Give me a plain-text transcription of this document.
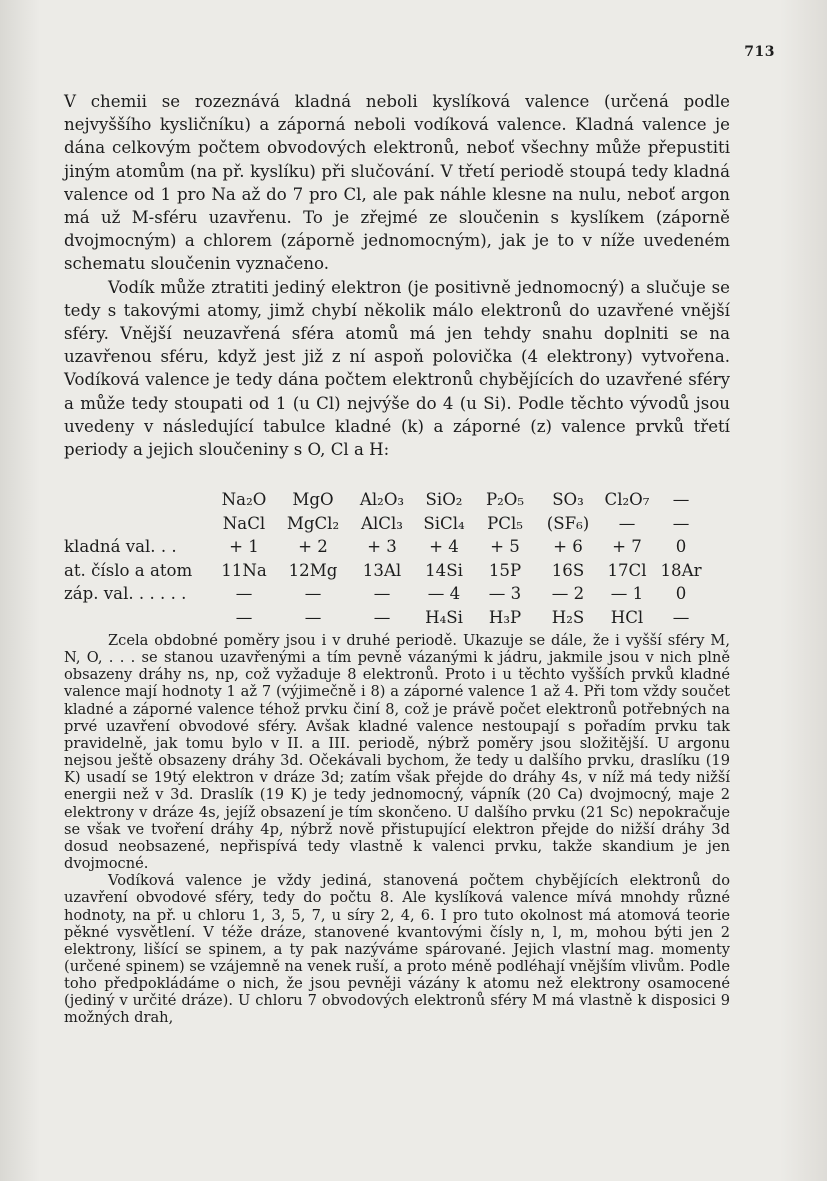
713

V chemii se rozeznává kladná neboli kyslíková valence (určená podle nejvyššího kysličníku) a záporná neboli vodíková valence. Kladná valence je dána celkovým počtem obvodových elektronů, neboť všechny může přepustiti jiným atomům (na př. kyslíku) při slučování. V třetí periodě stoupá tedy kladná valence od 1 pro Na až do 7 pro Cl, ale pak náhle klesne na nulu, neboť argon má už M-sféru uzavřenu. To je zřejmé ze sloučenin s kyslíkem (záporně dvojmocným) a chlorem (záporně jednomocným), jak je to v níže uvedeném schematu sloučenin vyznačeno.

Vodík může ztratiti jediný elektron (je positivně jednomocný) a slučuje se tedy s takovými atomy, jimž chybí několik málo elektronů do uzavřené vnější sféry. Vnější neuzavřená sféra atomů má jen tehdy snahu doplniti se na uzavřenou sféru, když jest již z ní aspoň polovička (4 elektrony) vytvořena. Vodíková valence je tedy dána počtem elektronů chybějících do uzavřené sféry a může tedy stoupati od 1 (u Cl) nejvýše do 4 (u Si). Podle těchto vývodů jsou uvedeny v následující tabulce kladné (k) a záporné (z) valence prvků třetí periody a jejich sloučeniny s O, Cl a H:

	Na₂O	MgO	Al₂O₃	SiO₂	P₂O₅	SO₃	Cl₂O₇	—
	NaCl	MgCl₂	AlCl₃	SiCl₄	PCl₅	(SF₆)	—	—
kladná val. . .	+ 1	+ 2	+ 3	+ 4	+ 5	+ 6	+ 7	0
at. číslo a atom	11Na	12Mg	13Al	14Si	15P	16S	17Cl	18Ar
záp. val. . . . . .	—	—	—	— 4	— 3	— 2	— 1	0
	—	—	—	H₄Si	H₃P	H₂S	HCl	—

Zcela obdobné poměry jsou i v druhé periodě. Ukazuje se dále, že i vyšší sféry M, N, O, . . . se stanou uzavřenými a tím pevně vázanými k jádru, jakmile jsou v nich plně obsazeny dráhy ns, np, což vyžaduje 8 elektronů. Proto i u těchto vyšších prvků kladné valence mají hodnoty 1 až 7 (výjimečně i 8) a záporné valence 1 až 4. Při tom vždy součet kladné a záporné valence téhož prvku činí 8, což je právě počet elektronů potřebných na prvé uzavření obvodové sféry. Avšak kladné valence nestoupají s pořadím prvku tak pravidelně, jak tomu bylo v II. a III. periodě, nýbrž poměry jsou složitější. U argonu nejsou ještě obsazeny dráhy 3d. Očekávali bychom, že tedy u dalšího prvku, draslíku (19 K) usadí se 19tý elektron v dráze 3d; zatím však přejde do dráhy 4s, v níž má tedy nižší energii než v 3d. Draslík (19 K) je tedy jednomocný, vápník (20 Ca) dvojmocný, maje 2 elektrony v dráze 4s, jejíž obsazení je tím skončeno. U dalšího prvku (21 Sc) nepokračuje se však ve tvoření dráhy 4p, nýbrž nově přistupující elektron přejde do nižší dráhy 3d dosud neobsazené, nepřispívá tedy vlastně k valenci prvku, takže skandium je jen dvojmocné.

Vodíková valence je vždy jediná, stanovená počtem chybějících elektronů do uzavření obvodové sféry, tedy do počtu 8. Ale kyslíková valence mívá mnohdy různé hodnoty, na př. u chloru 1, 3, 5, 7, u síry 2, 4, 6. I pro tuto okolnost má atomová teorie pěkné vysvětlení. V téže dráze, stanovené kvantovými čísly n, l, m, mohou býti jen 2 elektrony, lišící se spinem, a ty pak nazýváme spárované. Jejich vlastní mag. momenty (určené spinem) se vzájemně na venek ruší, a proto méně podléhají vnějším vlivům. Podle toho předpokládáme o nich, že jsou pevněji vázány k atomu než elektrony osamocené (jediný v určité dráze). U chloru 7 obvodových elektronů sféry M má vlastně k disposici 9 možných drah,
